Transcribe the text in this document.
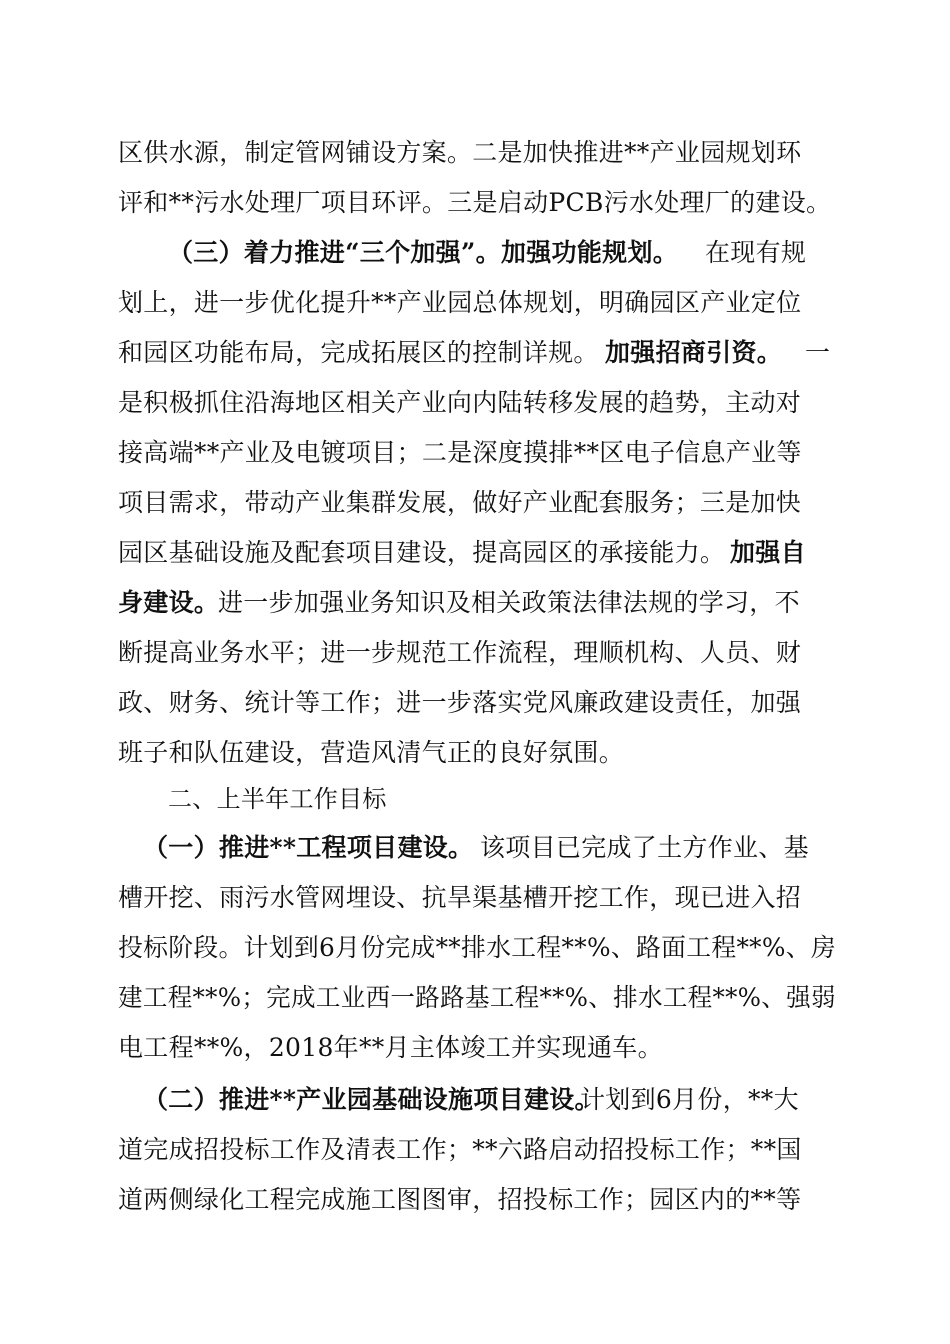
区供水源，制定管网铺设方案。二是加快推进**产业园规划环
评和**污水处理厂项目环评。三是启动PCB污水处理厂的建设。
（三）着力推进“三个加强”。加强功能规划。 在现有规
划上，进一步优化提升**产业园总体规划，明确园区产业定位
和园区功能布局，完成拓展区的控制详规。 加强招商引资。 一
是积极抓住沿海地区相关产业向内陆转移发展的趋势，主动对
接高端**产业及电镀项目；二是深度摸排**区电子信息产业等
项目需求，带动产业集群发展，做好产业配套服务；三是加快
园区基础设施及配套项目建设，提高园区的承接能力。 加强自
身建设。
进一步加强业务知识及相关政策法律法规的学习，不
断提高业务水平；进一步规范工作流程，理顺机构、人员、财
政、财务、统计等工作；进一步落实党风廉政建设责任，加强
班子和队伍建设，营造风清气正的良好氛围。
二、上半年工作目标
（一）推进**工程项目建设。 该项目已完成了土方作业、基
槽开挖、雨污水管网埋设、抗旱渠基槽开挖工作，现已进入招
投标阶段。计划到6月份完成**排水工程**%、路面工程**%、房
建工程**%；完成工业西一路路基工程**%、排水工程**%、强弱
电工程**%，2018年**月主体竣工并实现通车。
（二）推进**产业园基础设施项目建设。
计划到6月份，**大
道完成招投标工作及清表工作；**六路启动招投标工作；**国
道两侧绿化工程完成施工图图审，招投标工作；园区内的**等
